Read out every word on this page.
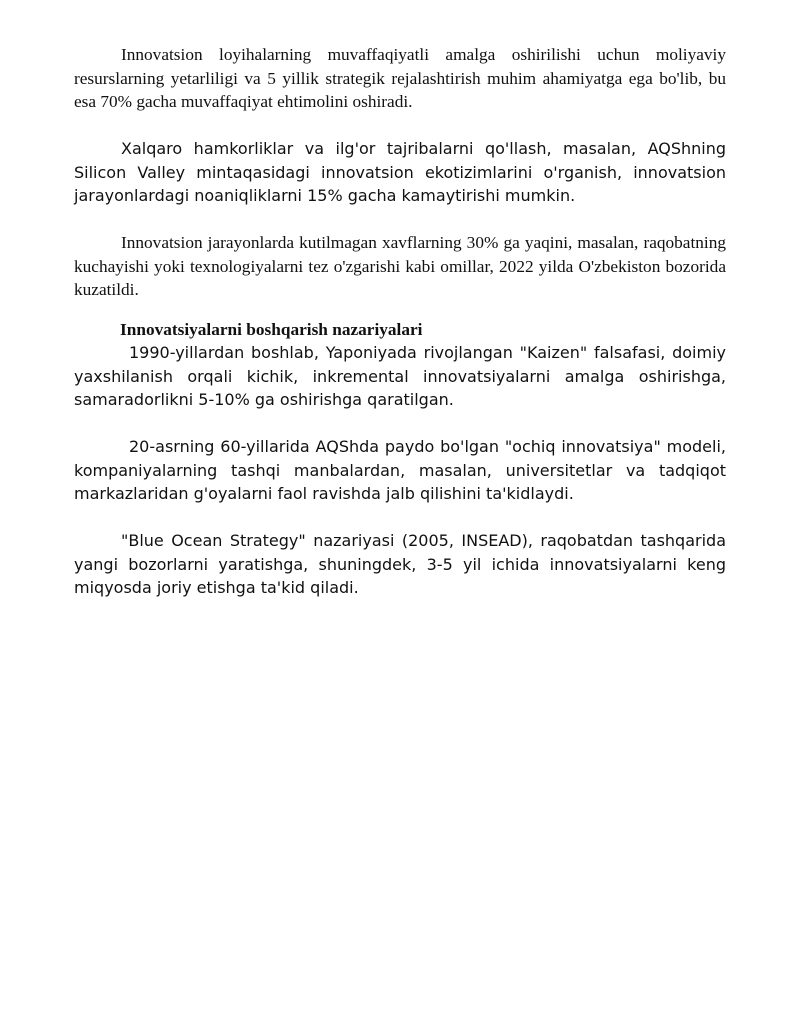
Innovatsion loyihalarning muvaffaqiyatli amalga oshirilishi uchun moliyaviy resurslarning yetarliligi va 5 yillik strategik rejalashtirish muhim ahamiyatga ega bo'lib, bu esa 70% gacha muvaffaqiyat ehtimolini oshiradi.

Xalqaro hamkorliklar va ilg'or tajribalarni qo'llash, masalan, AQShning Silicon Valley mintaqasidagi innovatsion ekotizimlarini o'rganish, innovatsion jarayonlardagi noaniqliklarni 15% gacha kamaytirishi mumkin.

Innovatsion jarayonlarda kutilmagan xavflarning 30% ga yaqini, masalan, raqobatning kuchayishi yoki texnologiyalarni tez o'zgarishi kabi omillar, 2022 yilda O'zbekiston bozorida kuzatildi.

Innovatsiyalarni boshqarish nazariyalari

1990-yillardan boshlab, Yaponiyada rivojlangan "Kaizen" falsafasi, doimiy yaxshilanish orqali kichik, inkremental innovatsiyalarni amalga oshirishga, samaradorlikni 5-10% ga oshirishga qaratilgan.

20-asrning 60-yillarida AQShda paydo bo'lgan "ochiq innovatsiya" modeli, kompaniyalarning tashqi manbalardan, masalan, universitetlar va tadqiqot markazlaridan g'oyalarni faol ravishda jalb qilishini ta'kidlaydi.

"Blue Ocean Strategy" nazariyasi (2005, INSEAD), raqobatdan tashqarida yangi bozorlarni yaratishga, shuningdek, 3-5 yil ichida innovatsiyalarni keng miqyosda joriy etishga ta'kid qiladi.
